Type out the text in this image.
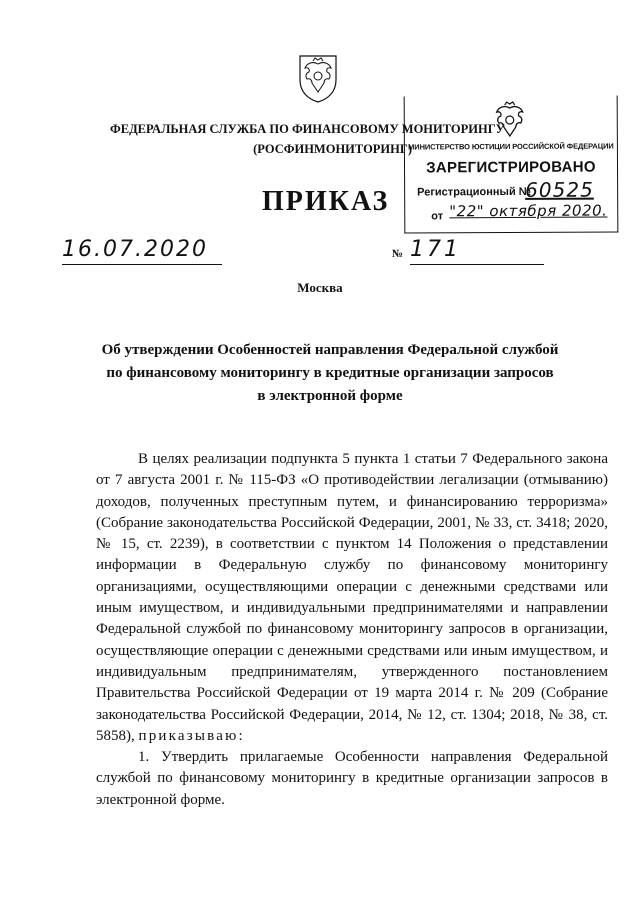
ФЕДЕРАЛЬНАЯ СЛУЖБА ПО ФИНАНСОВОМУ МОНИТОРИНГУ
(РОСФИНМОНИТОРИНГ)
МИНИСТЕРСТВО ЮСТИЦИИ РОССИЙСКОЙ ФЕДЕРАЦИИ
ЗАРЕГИСТРИРОВАНО
Регистрационный №
60525
от "22" октября 2020.
ПРИКАЗ
16.07.2020	№ 171
Москва
Об утверждении Особенностей направления Федеральной службой
по финансовому мониторингу в кредитные организации запросов
в электронной форме

В целях реализации подпункта 5 пункта 1 статьи 7 Федерального закона от 7 августа 2001 г. № 115-ФЗ «О противодействии легализации (отмыванию) доходов, полученных преступным путем, и финансированию терроризма» (Собрание законодательства Российской Федерации, 2001, № 33, ст. 3418; 2020, № 15, ст. 2239), в соответствии с пунктом 14 Положения о представлении информации в Федеральную службу по финансовому мониторингу организациями, осуществляющими операции с денежными средствами или иным имуществом, и индивидуальными предпринимателями и направлении Федеральной службой по финансовому мониторингу запросов в организации, осуществляющие операции с денежными средствами или иным имуществом, и индивидуальным предпринимателям, утвержденного постановлением Правительства Российской Федерации от 19 марта 2014 г. № 209 (Собрание законодательства Российской Федерации, 2014, № 12, ст. 1304; 2018, № 38, ст. 5858), приказываю:

1. Утвердить прилагаемые Особенности направления Федеральной службой по финансовому мониторингу в кредитные организации запросов в электронной форме.
